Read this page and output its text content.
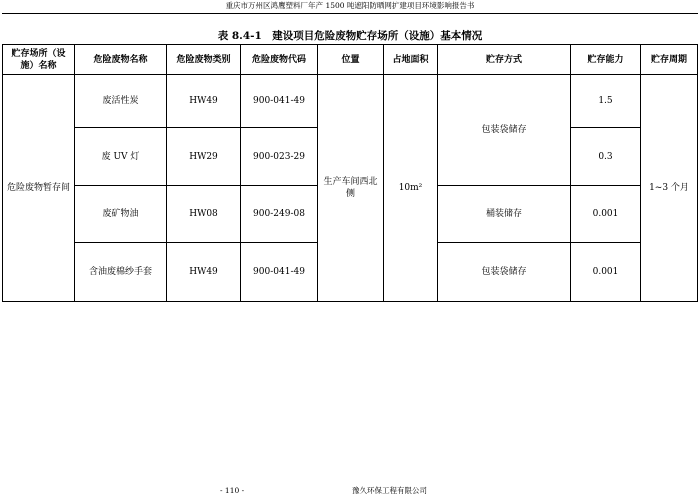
重庆市万州区鸿鹰塑料厂年产 1500 吨遮阳防晒网扩建项目环境影响报告书
表 8.4-1　建设项目危险废物贮存场所（设施）基本情况
贮存场所（设施）名称	危险废物名称	危险废物类别	危险废物代码	位置	占地面积	贮存方式	贮存能力	贮存周期
危险废物暂存间	废活性炭	HW49	900-041-49	生产车间西北侧	10m²	包装袋储存	1.5	1~3 个月
	废 UV 灯	HW29	900-023-29				0.3	
	废矿物油	HW08	900-249-08			桶装储存	0.001	
	含油废棉纱手套	HW49	900-041-49			包装袋储存	0.001	
- 110 -	豫久环保工程有限公司
